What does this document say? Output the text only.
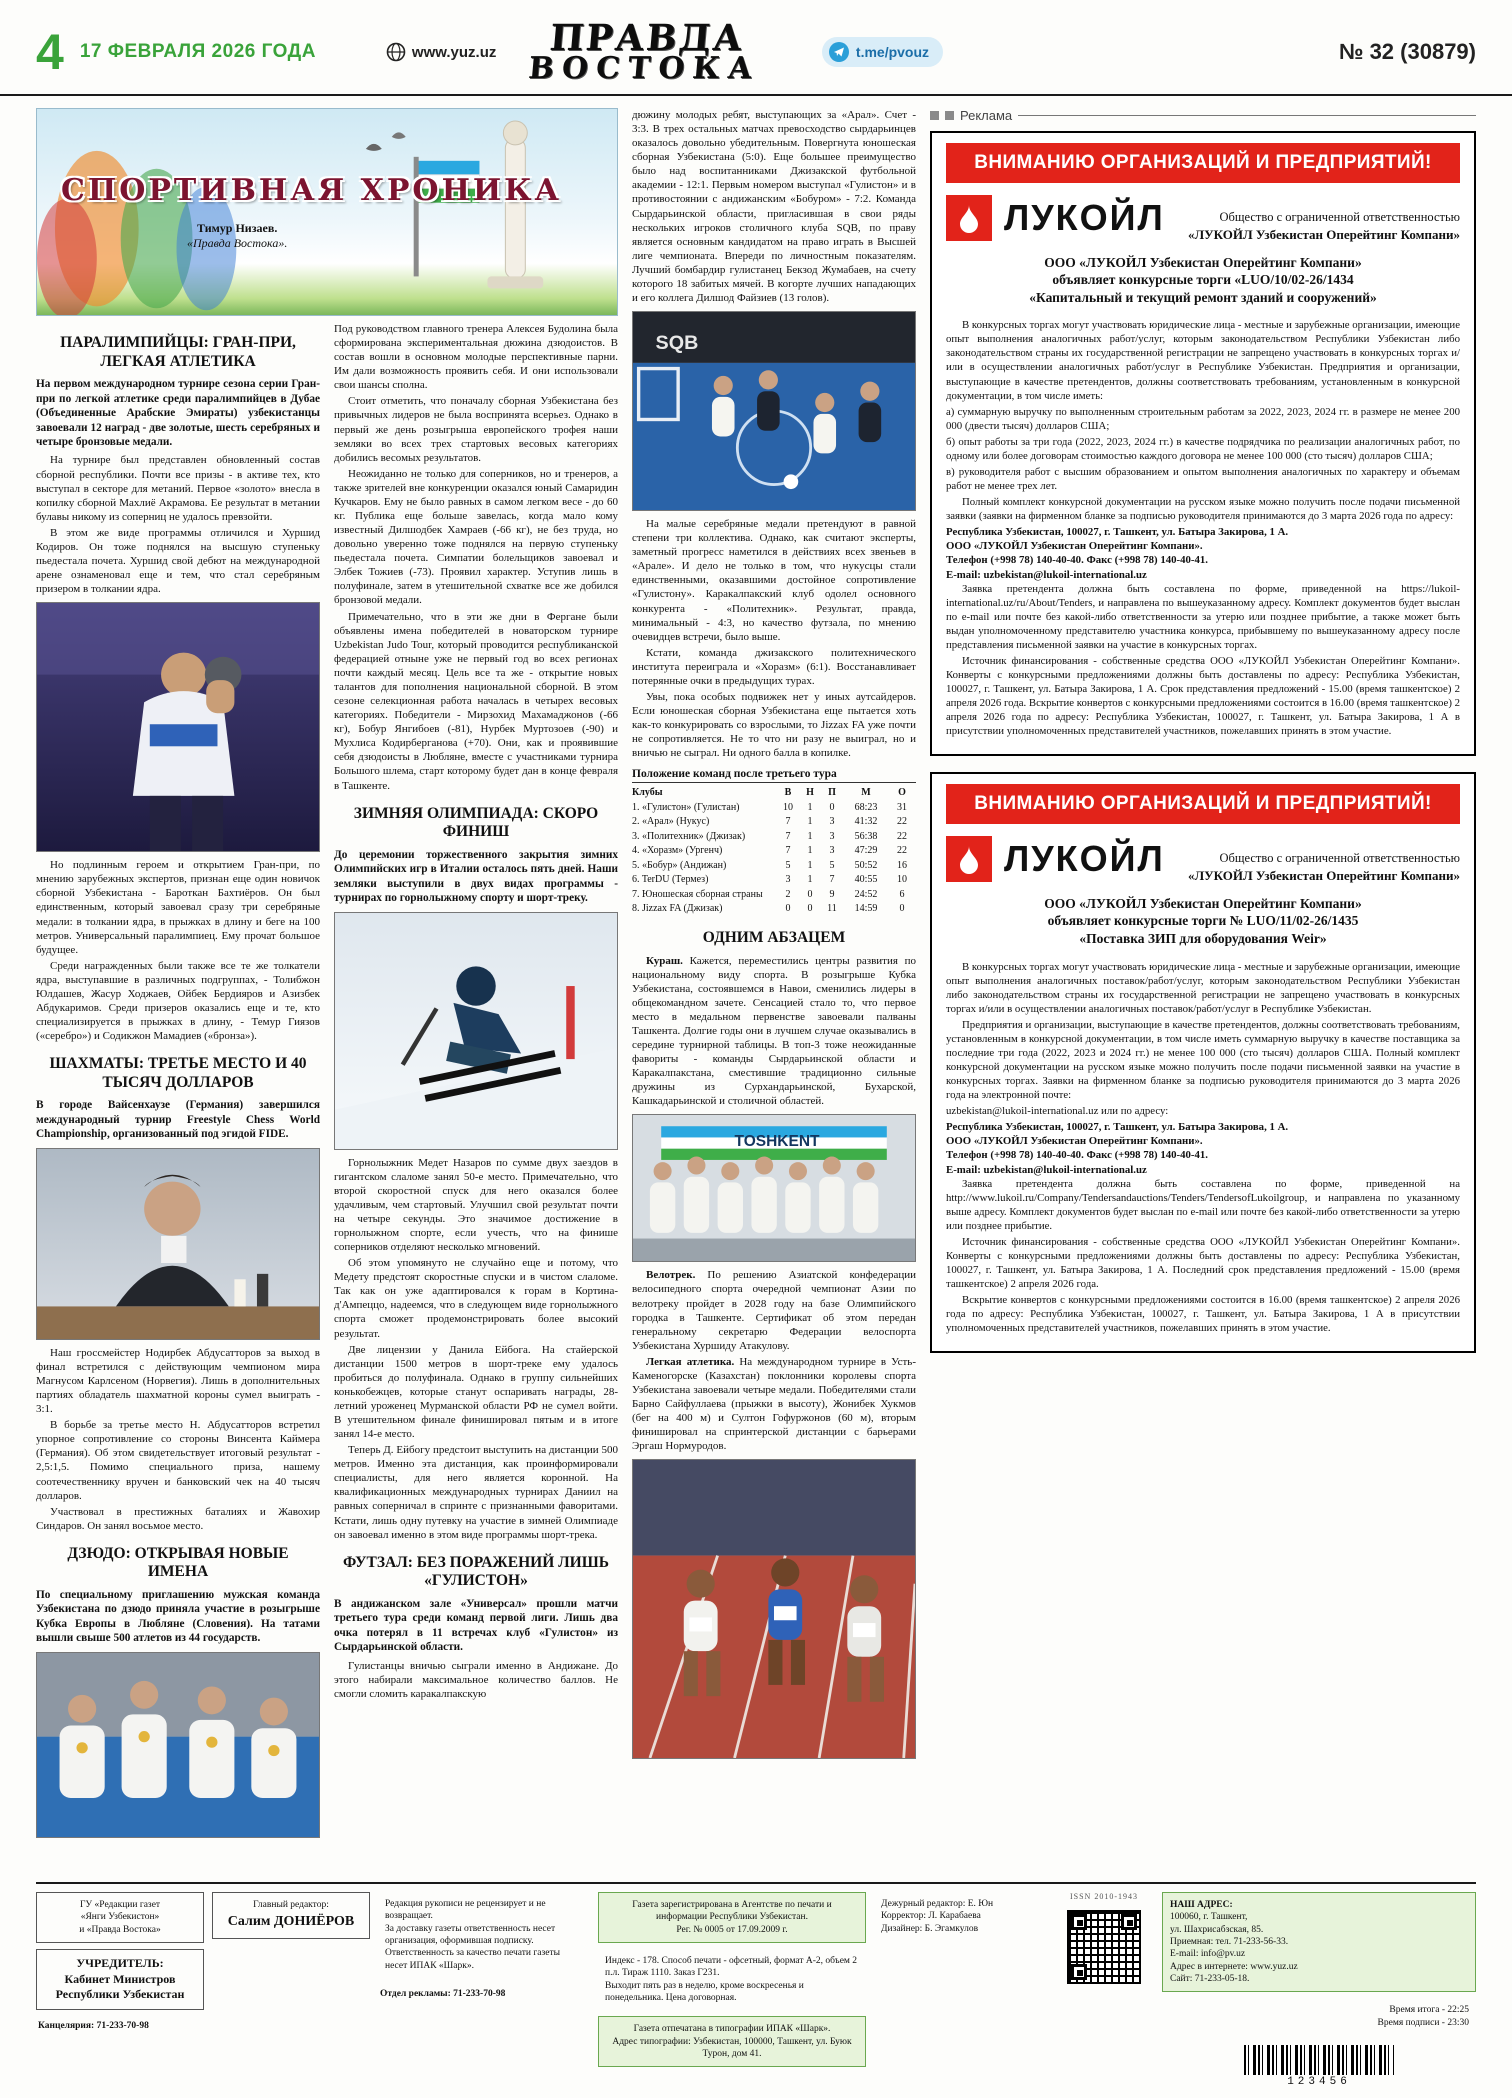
4 17 ФЕВРАЛЯ 2026 ГОДА	www.yuz.uz	ПРАВДА
ВОСТОКА	t.me/pvouz	№ 32 (30879)
СПОРТИВНАЯ ХРОНИКА
Тимур Низаев.
«Правда Востока».
ПАРАЛИМПИЙЦЫ: ГРАН-ПРИ, ЛЕГКАЯ АТЛЕТИКА
На первом международном турнире сезона серии Гран-при по легкой атлетике среди паралимпийцев в Дубае (Объединенные Арабские Эмираты) узбекистанцы завоевали 12 наград - две золотые, шесть серебряных и четыре бронзовые медали.

На турнире был представлен обновленный состав сборной республики. Почти все призы - в активе тех, кто выступал в секторе для метаний. Первое «золото» внесла в копилку сборной Махлиё Акрамова. Ее результат в метании булавы никому из соперниц не удалось превзойти.

В этом же виде программы отличился и Хуршид Кодиров. Он тоже поднялся на высшую ступеньку пьедестала почета. Хуршид свой дебют на международной арене ознаменовал еще и тем, что стал серебряным призером в толкании ядра.

Но подлинным героем и открытием Гран-при, по мнению зарубежных экспертов, признан еще один новичок сборной Узбекистана - Бароткан Бахтиёров. Он был единственным, который завоевал сразу три серебряные медали: в толкании ядра, в прыжках в длину и беге на 100 метров. Универсальный паралимпиец. Ему прочат большое будущее.

Среди награжденных были также все те же толкатели ядра, выступавшие в различных подгруппах, - Толибжон Юлдашев, Жасур Ходжаев, Ойбек Бердияров и Азизбек Абдукаримов. Среди призеров оказались еще и те, кто специализируется в прыжках в длину, - Темур Гиязов («серебро») и Содикжон Мамадиев («бронза»).

ШАХМАТЫ: ТРЕТЬЕ МЕСТО И 40 ТЫСЯЧ ДОЛЛАРОВ
В городе Вайсенхаузе (Германия) завершился международный турнир Freestyle Chess World Championship, организованный под эгидой FIDE.

Наш гроссмейстер Нодирбек Абдусатторов за выход в финал встретился с действующим чемпионом мира Магнусом Карлсеном (Норвегия). Лишь в дополнительных партиях обладатель шахматной короны сумел выиграть - 3:1.

В борьбе за третье место Н. Абдусатторов встретил упорное сопротивление со стороны Винсента Каймера (Германия). Об этом свидетельствует итоговый результат - 2,5:1,5. Помимо специального приза, нашему соотечественнику вручен и банковский чек на 40 тысяч долларов.

Участвовал в престижных баталиях и Жавохир Синдаров. Он занял восьмое место.

ДЗЮДО: ОТКРЫВАЯ НОВЫЕ ИМЕНА
По специальному приглашению мужская команда Узбекистана по дзюдо приняла участие в розыгрыше Кубка Европы в Любляне (Словения). На татами вышли свыше 500 атлетов из 44 государств.

Под руководством главного тренера Алексея Будолина была сформирована экспериментальная дюжина дзюдоистов. В состав вошли в основном молодые перспективные парни. Им дали возможность проявить себя. И они использовали свои шансы сполна.

Стоит отметить, что поначалу сборная Узбекистана без привычных лидеров не была воспринята всерьез. Однако в первый же день розыгрыша европейского трофея наши земляки во всех трех стартовых весовых категориях добились весомых результатов.

Неожиданно не только для соперников, но и тренеров, а также зрителей вне конкуренции оказался юный Самаридин Кучкаров. Ему не было равных в самом легком весе - до 60 кг. Публика еще больше завелась, когда мало кому известный Дилшодбек Хамраев (-66 кг), не без труда, но довольно уверенно тоже поднялся на первую ступеньку пьедестала почета. Симпатии болельщиков завоевал и Элбек Тожиев (-73). Проявил характер. Уступив лишь в полуфинале, затем в утешительной схватке все же добился бронзовой медали.

Примечательно, что в эти же дни в Фергане были объявлены имена победителей в новаторском турнире Uzbekistan Judo Tour, который проводится республиканской федерацией отныне уже не первый год во всех регионах почти каждый месяц. Цель все та же - открытие новых талантов для пополнения национальной сборной. В этом сезоне селекционная работа началась в четырех весовых категориях. Победители - Мирзохид Махамаджонов (-66 кг), Бобур Янгибоев (-81), Нурбек Муртозоев (-90) и Мухлиса Кодирберганова (+70). Они, как и проявившие себя дзюдоисты в Любляне, вместе с участниками турнира Большого шлема, старт которому будет дан в конце февраля в Ташкенте.

ЗИМНЯЯ ОЛИМПИАДА: СКОРО ФИНИШ
До церемонии торжественного закрытия зимних Олимпийских игр в Италии осталось пять дней. Наши земляки выступили в двух видах программы - турнирах по горнолыжному спорту и шорт-треку.

Горнолыжник Медет Назаров по сумме двух заездов в гигантском слаломе занял 50-е место. Примечательно, что второй скоростной спуск для него оказался более удачливым, чем стартовый. Улучшил свой результат почти на четыре секунды. Это значимое достижение в горнолыжном спорте, если учесть, что на финише соперников отделяют несколько мгновений.

Об этом упомянуто не случайно еще и потому, что Медету предстоят скоростные спуски и в чистом слаломе. Так как он уже адаптировался к горам в Кортина-д'Ампеццо, надеемся, что в следующем виде горнолыжного спорта сможет продемонстрировать более высокий результат.

Две лицензии у Данила Ейбога. На стайерской дистанции 1500 метров в шорт-треке ему удалось пробиться до полуфинала. Однако в группу сильнейших конькобежцев, которые станут оспаривать награды, 28-летний уроженец Мурманской области РФ не сумел войти. В утешительном финале финишировал пятым и в итоге занял 14-е место.

Теперь Д. Ейбогу предстоит выступить на дистанции 500 метров. Именно эта дистанция, как проинформировали специалисты, для него является коронной. На квалификационных международных турнирах Даниил на равных соперничал в спринте с признанными фаворитами. Кстати, лишь одну путевку на участие в зимней Олимпиаде он завоевал именно в этом виде программы шорт-трека.

ФУТЗАЛ: БЕЗ ПОРАЖЕНИЙ ЛИШЬ «ГУЛИСТОН»
В андижанском зале «Универсал» прошли матчи третьего тура среди команд первой лиги. Лишь два очка потерял в 11 встречах клуб «Гулистон» из Сырдарьинской области.

Гулистанцы вничью сыграли именно в Андижане. До этого набирали максимальное количество баллов. Не смогли сломить каракалпакскую

дюжину молодых ребят, выступающих за «Арал». Счет - 3:3. В трех остальных матчах превосходство сырдарьинцев оказалось довольно убедительным. Повергнута юношеская сборная Узбекистана (5:0). Еще большее преимущество было над воспитанниками Джизакской футбольной академии - 12:1. Первым номером выступал «Гулистон» и в противостоянии с андижанским «Бобуром» - 7:2. Команда Сырдарьинской области, пригласившая в свои ряды нескольких игроков столичного клуба SQB, по праву является основным кандидатом на право играть в Высшей лиге чемпионата. Впереди по личностным показателям. Лучший бомбардир гулистанец Бекзод Жумабаев, на счету которого 18 забитых мячей. В когорте лучших нападающих и его коллега Дилшод Файзиев (13 голов).

SQB

На малые серебряные медали претендуют в равной степени три коллектива. Однако, как считают эксперты, заметный прогресс наметился в действиях всех звеньев в «Арале». И дело не только в том, что нукусцы стали единственными, оказавшими достойное сопротивление «Гулистону». Каракалпакский клуб одолел основного конкурента - «Политехник». Результат, правда, минимальный - 4:3, но качество футзала, по мнению очевидцев встречи, было выше.

Кстати, команда джизакского политехнического института переиграла и «Хоразм» (6:1). Восстанавливает потерянные очки в предыдущих турах.

Увы, пока особых подвижек нет у иных аутсайдеров. Если юношеская сборная Узбекистана еще пытается хоть как-то конкурировать со взрослыми, то Jizzax FA уже почти не сопротивляется. Не то что ни разу не выиграл, но и вничью не сыграл. Ни одного балла в копилке.

Положение команд после третьего тура
Клубы	В	Н	П	М	О
1. «Гулистон» (Гулистан)	10	1	0	68:23	31
2. «Арал» (Нукус)	7	1	3	41:32	22
3. «Политехник» (Джизак)	7	1	3	56:38	22
4. «Хоразм» (Ургенч)	7	1	3	47:29	22
5. «Бобур» (Андижан)	5	1	5	50:52	16
6. TerDU (Термез)	3	1	7	40:55	10
7. Юношеская сборная страны	2	0	9	24:52	6
8. Jizzax FA (Джизак)	0	0	11	14:59	0
ОДНИМ АБЗАЦЕМ

Кураш. Кажется, переместились центры развития по национальному виду спорта. В розыгрыше Кубка Узбекистана, состоявшемся в Навои, сменились лидеры в общекомандном зачете. Сенсацией стало то, что первое место в медальном первенстве завоевали палваны Ташкента. Долгие годы они в лучшем случае оказывались в середине турнирной таблицы. В топ-3 тоже неожиданные фавориты - команды Сырдарьинской области и Каракалпакстана, сместившие традиционно сильные дружины из Сурхандарьинской, Бухарской, Кашкадарьинской и столичной областей.

TOSHKENT

Велотрек. По решению Азиатской конфедерации велосипедного спорта очередной чемпионат Азии по велотреку пройдет в 2028 году на базе Олимпийского городка в Ташкенте. Сертификат об этом передан генеральному секретарю Федерации велоспорта Узбекистана Хуршиду Атакулову.

Легкая атлетика. На международном турнире в Усть-Каменогорске (Казахстан) поклонники королевы спорта Узбекистана завоевали четыре медали. Победителями стали Барно Сайфуллаева (прыжки в высоту), Жонибек Хукмов (бег на 400 м) и Султон Гофуржонов (60 м), вторым финишировал на спринтерской дистанции с барьерами Эргаш Нормуродов.

Реклама
ВНИМАНИЮ ОРГАНИЗАЦИЙ И ПРЕДПРИЯТИЙ!
ЛУКОЙЛ	Общество с ограниченной ответственностью
«ЛУКОЙЛ Узбекистан Оперейтинг Компани»
ООО «ЛУКОЙЛ Узбекистан Оперейтинг Компани»
объявляет конкурсные торги «LUO/10/02-26/1434
«Капитальный и текущий ремонт зданий и сооружений»

В конкурсных торгах могут участвовать юридические лица - местные и зарубежные организации, имеющие опыт выполнения аналогичных работ/услуг, которым законодательством Республики Узбекистан либо законодательством страны их государственной регистрации не запрещено участвовать в конкурсных торгах и/или в осуществлении аналогичных работ/услуг в Республике Узбекистан. Предприятия и организации, выступающие в качестве претендентов, должны соответствовать требованиям, установленным в конкурсной документации, в том числе иметь:

а) суммарную выручку по выполненным строительным работам за 2022, 2023, 2024 гг. в размере не менее 200 000 (двести тысяч) долларов США;

б) опыт работы за три года (2022, 2023, 2024 гг.) в качестве подрядчика по реализации аналогичных работ, по одному или более договорам стоимостью каждого договора не менее 100 000 (сто тысяч) долларов США;

в) руководителя работ с высшим образованием и опытом выполнения аналогичных по характеру и объемам работ не менее трех лет.

Полный комплект конкурсной документации на русском языке можно получить после подачи письменной заявки (заявки на фирменном бланке за подписью руководителя принимаются до 3 марта 2026 года по адресу:

Республика Узбекистан, 100027, г. Ташкент, ул. Батыра Закирова, 1 А.
ООО «ЛУКОЙЛ Узбекистан Оперейтинг Компани».
Телефон (+998 78) 140-40-40. Факс (+998 78) 140-40-41.
E-mail: uzbekistan@lukoil-international.uz

Заявка претендента должна быть составлена по форме, приведенной на https://lukoil-international.uz/ru/About/Tenders, и направлена по вышеуказанному адресу. Комплект документов будет выслан по e-mail или почте без какой-либо ответственности за утерю или позднее прибытие, а также может быть выдан уполномоченному представителю участника конкурса, прибывшему по вышеуказанному адресу после представления письменной заявки на участие в конкурсных торгах.

Источник финансирования - собственные средства ООО «ЛУКОЙЛ Узбекистан Оперейтинг Компани». Конверты с конкурсными предложениями должны быть доставлены по адресу: Республика Узбекистан, 100027, г. Ташкент, ул. Батыра Закирова, 1 А. Срок представления предложений - 15.00 (время ташкентское) 2 апреля 2026 года. Вскрытие конвертов с конкурсными предложениями состоится в 16.00 (время ташкентское) 2 апреля 2026 года по адресу: Республика Узбекистан, 100027, г. Ташкент, ул. Батыра Закирова, 1 А в присутствии уполномоченных представителей участников, пожелавших принять в этом участие.

ВНИМАНИЮ ОРГАНИЗАЦИЙ И ПРЕДПРИЯТИЙ!
ЛУКОЙЛ	Общество с ограниченной ответственностью
«ЛУКОЙЛ Узбекистан Оперейтинг Компани»
ООО «ЛУКОЙЛ Узбекистан Оперейтинг Компани»
объявляет конкурсные торги № LUO/11/02-26/1435
«Поставка ЗИП для оборудования Weir»

В конкурсных торгах могут участвовать юридические лица - местные и зарубежные организации, имеющие опыт выполнения аналогичных поставок/работ/услуг, которым законодательством Республики Узбекистан либо законодательством страны их государственной регистрации не запрещено участвовать в конкурсных торгах и/или в осуществлении аналогичных поставок/работ/услуг в Республике Узбекистан.

Предприятия и организации, выступающие в качестве претендентов, должны соответствовать требованиям, установленным в конкурсной документации, в том числе иметь суммарную выручку в качестве поставщика за последние три года (2022, 2023 и 2024 гг.) не менее 100 000 (сто тысяч) долларов США. Полный комплект конкурсной документации на русском языке можно получить после подачи письменной заявки на участие в конкурсных торгах. Заявки на фирменном бланке за подписью руководителя принимаются до 3 марта 2026 года на электронной почте:

uzbekistan@lukoil-international.uz или по адресу:

Республика Узбекистан, 100027, г. Ташкент, ул. Батыра Закирова, 1 А.
ООО «ЛУКОЙЛ Узбекистан Оперейтинг Компани».
Телефон (+998 78) 140-40-40. Факс (+998 78) 140-40-41.
E-mail: uzbekistan@lukoil-international.uz

Заявка претендента должна быть составлена по форме, приведенной на http://www.lukoil.ru/Company/Tendersandauctions/Tenders/TendersofLukoilgroup, и направлена по указанному выше адресу. Комплект документов будет выслан по e-mail или почте без какой-либо ответственности за утерю или позднее прибытие.

Источник финансирования - собственные средства ООО «ЛУКОЙЛ Узбекистан Оперейтинг Компани». Конверты с конкурсными предложениями должны быть доставлены по адресу: Республика Узбекистан, 100027, г. Ташкент, ул. Батыра Закирова, 1 А. Последний срок представления предложений - 15.00 (время ташкентское) 2 апреля 2026 года.

Вскрытие конвертов с конкурсными предложениями состоится в 16.00 (время ташкентское) 2 апреля 2026 года по адресу: Республика Узбекистан, 100027, г. Ташкент, ул. Батыра Закирова, 1 А в присутствии уполномоченных представителей участников, пожелавших принять в этом участие.

ГУ «Редакции газет
«Янги Узбекистон»
и «Правда Востока»
УЧРЕДИТЕЛЬ:
Кабинет Министров
Республики Узбекистан
Канцелярия: 71-233-70-98
Главный редактор:
Салим ДОНИЁРОВ
Редакция рукописи не рецензирует и не возвращает.
За доставку газеты ответственность несет организация, оформившая подписку.
Ответственность за качество печати газеты несет ИПАК «Шарк».
Отдел рекламы: 71-233-70-98
Газета зарегистрирована в Агентстве по печати и информации Республики Узбекистан.
Рег. № 0005 от 17.09.2009 г.
Индекс - 178. Способ печати - офсетный, формат А-2, объем 2 п.л. Тираж 1110. Заказ Г231.
Выходит пять раз в неделю, кроме воскресенья и понедельника. Цена договорная.
Газета отпечатана в типографии ИПАК «Шарк».
Адрес типографии: Узбекистан, 100000, Ташкент, ул. Буюк Турон, дом 41.
Дежурный редактор: Е. Юн
Корректор: Л. Карабаева
Дизайнер: Б. Эгамкулов
ISSN 2010-1943
НАШ АДРЕС:
100060, г. Ташкент,
ул. Шахрисабзская, 85.
Приемная: тел. 71-233-56-33.
E-mail: info@pv.uz
Адрес в интернете: www.yuz.uz
Сайт: 71-233-05-18.
Время итога - 22:25
Время подписи - 23:30
123456
